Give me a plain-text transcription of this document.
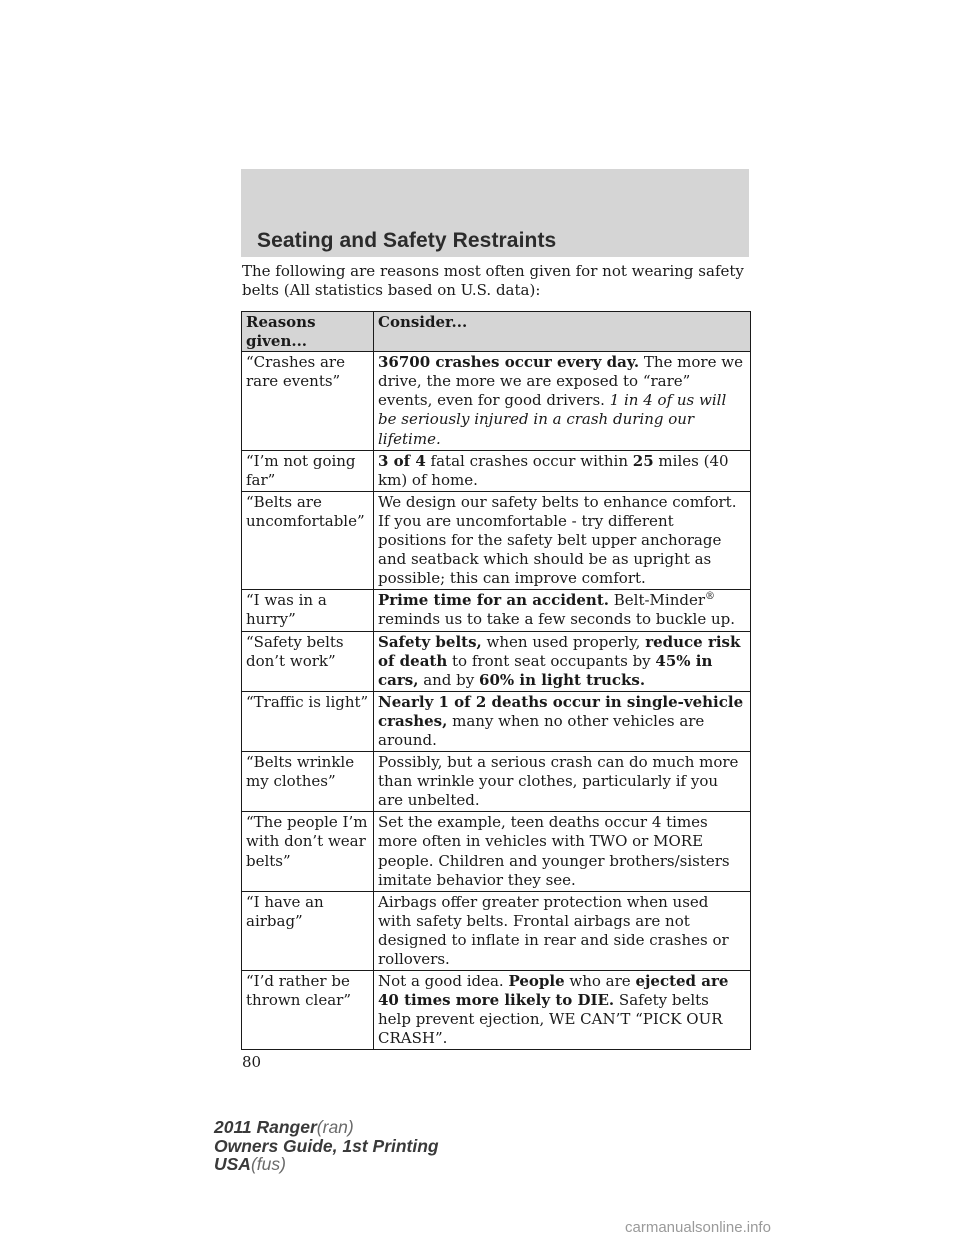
Seating and Safety Restraints

The following are reasons most often given for not wearing safety belts (All statistics based on U.S. data):

Reasons given...	Consider...
“Crashes are rare events”	36700 crashes occur every day. The more we drive, the more we are exposed to “rare” events, even for good drivers. 1 in 4 of us will be seriously injured in a crash during our lifetime.
“I’m not going far”	3 of 4 fatal crashes occur within 25 miles (40 km) of home.
“Belts are uncomfortable”	We design our safety belts to enhance comfort. If you are uncomfortable - try different positions for the safety belt upper anchorage and seatback which should be as upright as possible; this can improve comfort.
“I was in a hurry”	Prime time for an accident. Belt-Minder® reminds us to take a few seconds to buckle up.
“Safety belts don’t work”	Safety belts, when used properly, reduce risk of death to front seat occupants by 45% in cars, and by 60% in light trucks.
“Traffic is light”	Nearly 1 of 2 deaths occur in single-vehicle crashes, many when no other vehicles are around.
“Belts wrinkle my clothes”	Possibly, but a serious crash can do much more than wrinkle your clothes, particularly if you are unbelted.
“The people I’m with don’t wear belts”	Set the example, teen deaths occur 4 times more often in vehicles with TWO or MORE people. Children and younger brothers/sisters imitate behavior they see.
“I have an airbag”	Airbags offer greater protection when used with safety belts. Frontal airbags are not designed to inflate in rear and side crashes or rollovers.
“I’d rather be thrown clear”	Not a good idea. People who are ejected are 40 times more likely to DIE. Safety belts help prevent ejection, WE CAN’T “PICK OUR CRASH”.
80
2011 Ranger(ran)
Owners Guide, 1st Printing
USA(fus)
carmanualsonline.info
